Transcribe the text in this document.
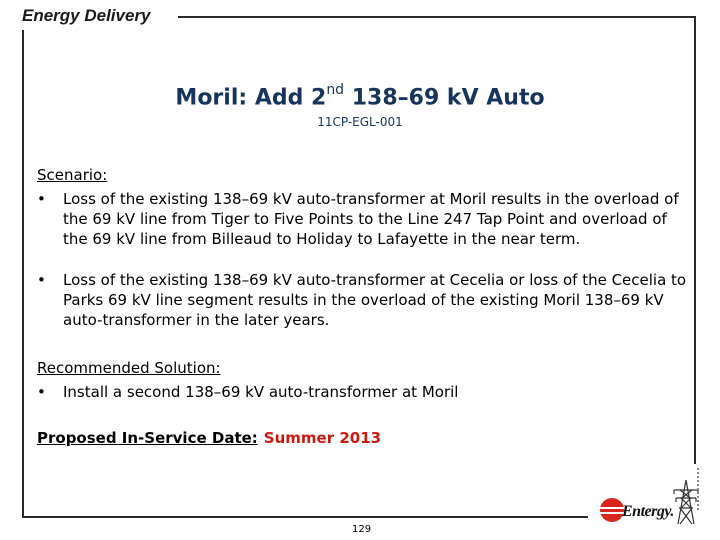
Energy Delivery
Moril: Add 2nd 138–69 kV Auto
11CP-EGL-001
Scenario:
•	Loss of the existing 138–69 kV auto-transformer at Moril results in the overload of the 69 kV line from Tiger to Five Points to the Line 247 Tap Point and overload of the 69 kV line from Billeaud to Holiday to Lafayette in the near term.
•	Loss of the existing 138–69 kV auto-transformer at Cecelia or loss of the Cecelia to Parks 69 kV line segment results in the overload of the existing Moril 138–69 kV auto-transformer in the later years.
Recommended Solution:
•	Install a second 138–69 kV auto-transformer at Moril
Proposed In-Service Date: Summer 2013
129
Entergy.
